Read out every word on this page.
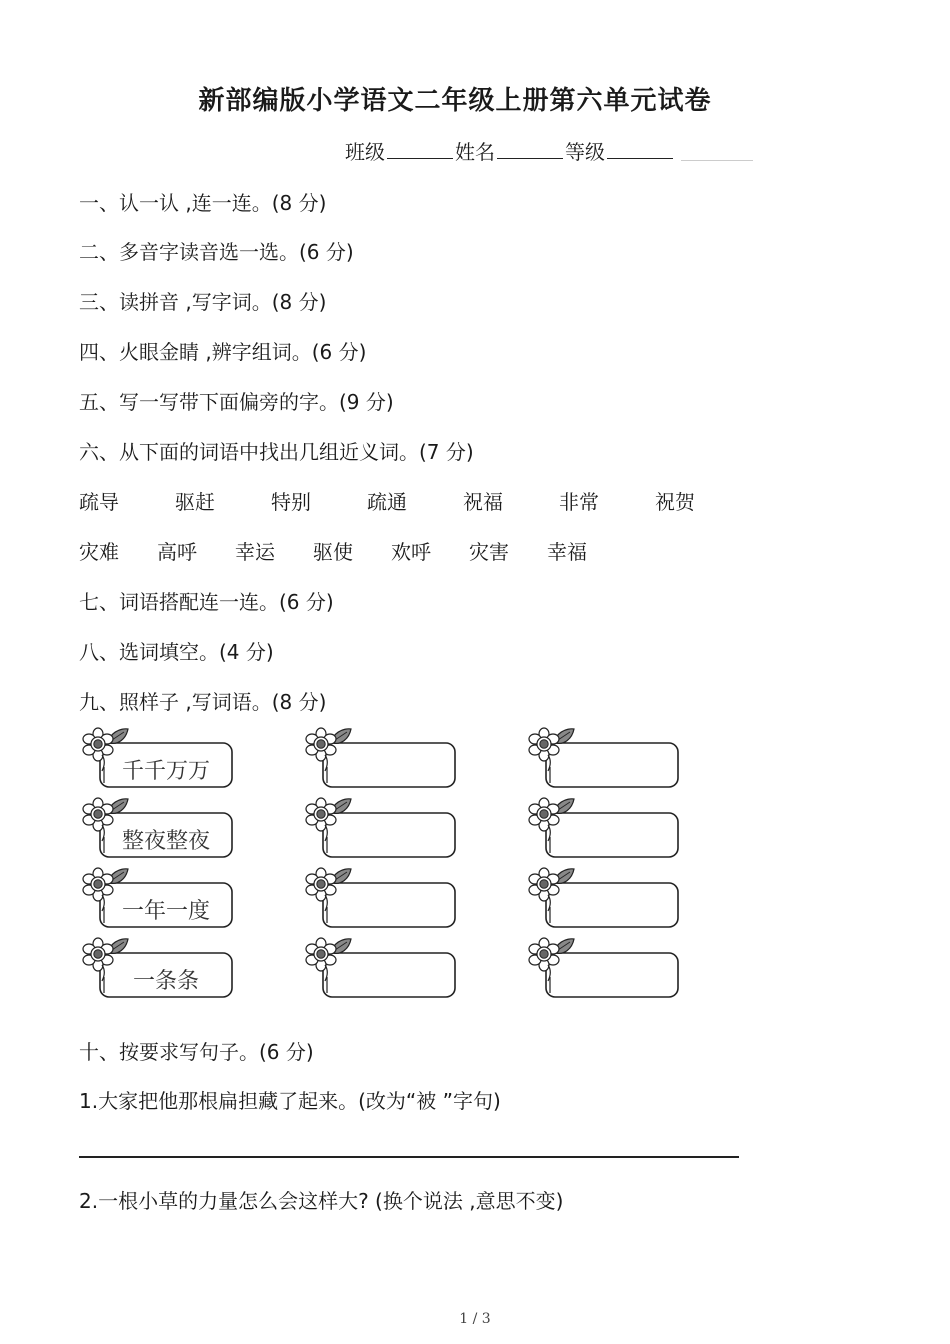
新部编版小学语文二年级上册第六单元试卷
班级	姓名	等级
一、认一认 ,连一连。(8 分)
二、多音字读音选一选。(6 分)
三、读拼音 ,写字词。(8 分)
四、火眼金睛 ,辨字组词。(6 分)
五、写一写带下面偏旁的字。(9 分)
六、从下面的词语中找出几组近义词。(7 分)
疏导	驱赶	特别	疏通	祝福	非常	祝贺
灾难 高呼 幸运 驱使 欢呼 灾害 幸福
七、词语搭配连一连。(6 分)
八、选词填空。(4 分)
九、照样子 ,写词语。(8 分)
千千万万
整夜整夜
一年一度
一条条
十、按要求写句子。(6 分)
1.大家把他那根扁担藏了起来。(改为“被 ”字句)
2.一根小草的力量怎么会这样大? (换个说法 ,意思不变)
1 / 3
